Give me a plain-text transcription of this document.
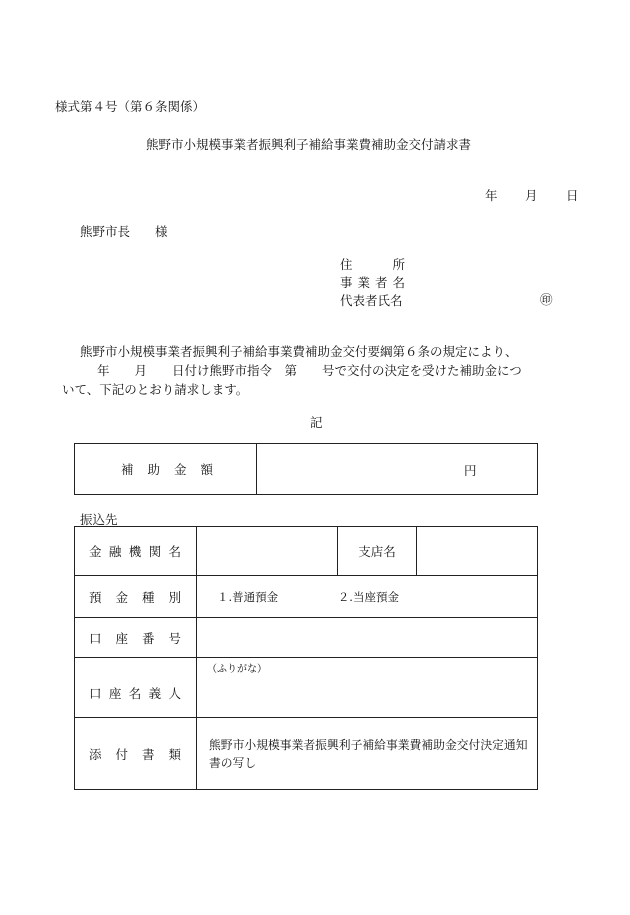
様式第４号（第６条関係）
熊野市小規模事業者振興利子補給事業費補助金交付請求書
年 月 日
熊野市長　　様
住	所
事 業 者 名
代表者氏名	㊞
熊野市小規模事業者振興利子補給事業費補助金交付要綱第６条の規定により、
年　　月　　日付け熊野市指令　第　　号で交付の決定を受けた補助金につ
いて、下記のとおり請求します。
記
補 助 金 額	円
振込先
金 融 機 関 名		支店名	

預 金 種 別	１.普通預金 ２.当座預金		

口 座 番 号			

口 座 名 義 人	（ふりがな）		

添 付 書 類	熊野市小規模事業者振興利子補給事業費補助金交付決定通知書の写し		
